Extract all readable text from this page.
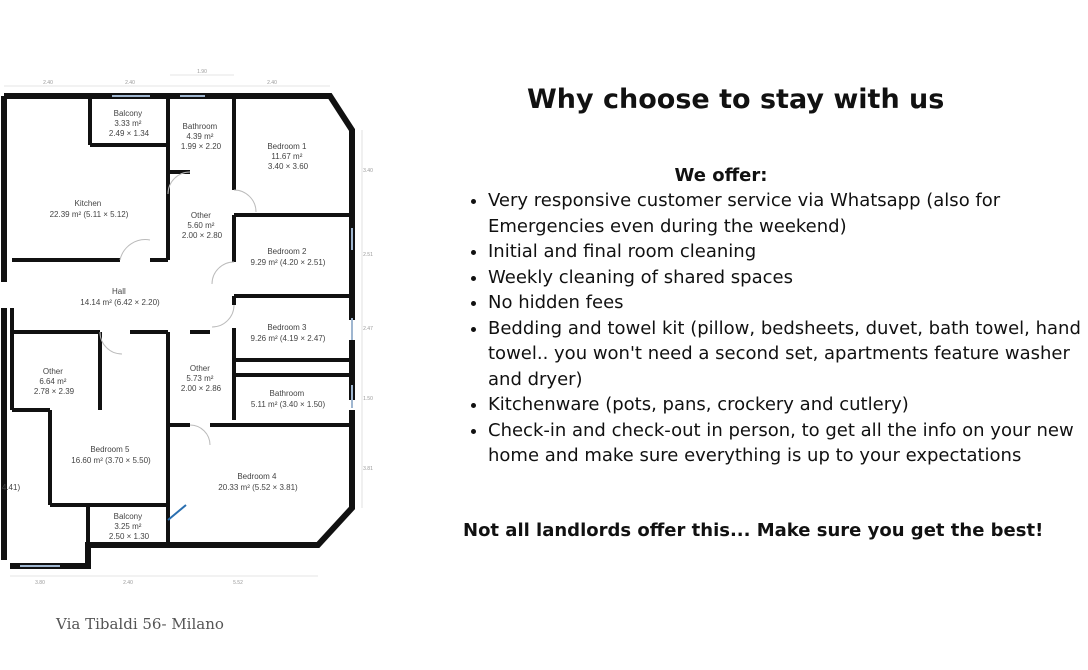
2.40	2.40
1.90
2.40
3.40
2.51
2.47
1.50
3.81
3.80	2.40	5.52
Balcony 3.33 m² 2.49 × 1.34
Bathroom 4.39 m² 1.99 × 2.20	Bedroom 1 11.67 m² 3.40 × 3.60
Kitchen 22.39 m² (5.11 × 5.12)	Other 5.60 m² 2.00 × 2.80
Bedroom 2 9.29 m² (4.20 × 2.51)
Hall 14.14 m² (6.42 × 2.20)
Bedroom 3 9.26 m² (4.19 × 2.47)
Other 6.64 m² 2.78 × 2.39
Other 5.73 m² 2.00 × 2.86
Bathroom 5.11 m² (3.40 × 1.50)
4.41)
Bedroom 5 16.60 m² (3.70 × 5.50)
Bedroom 4 20.33 m² (5.52 × 3.81)
Balcony 3.25 m² 2.50 × 1.30
Via Tibaldi 56- Milano
Why choose to stay with us
We offer:
• Very responsive customer service via Whatsapp (also for Emergencies even during the weekend)
• Initial and final room cleaning
• Weekly cleaning of shared spaces
• No hidden fees
• Bedding and towel kit (pillow, bedsheets, duvet, bath towel, hand towel.. you won't need a second set, apartments feature washer and dryer)
• Kitchenware (pots, pans, crockery and cutlery)
• Check-in and check-out in person, to get all the info on your new home and make sure everything is up to your expectations
Not all landlords offer this... Make sure you get the best!
